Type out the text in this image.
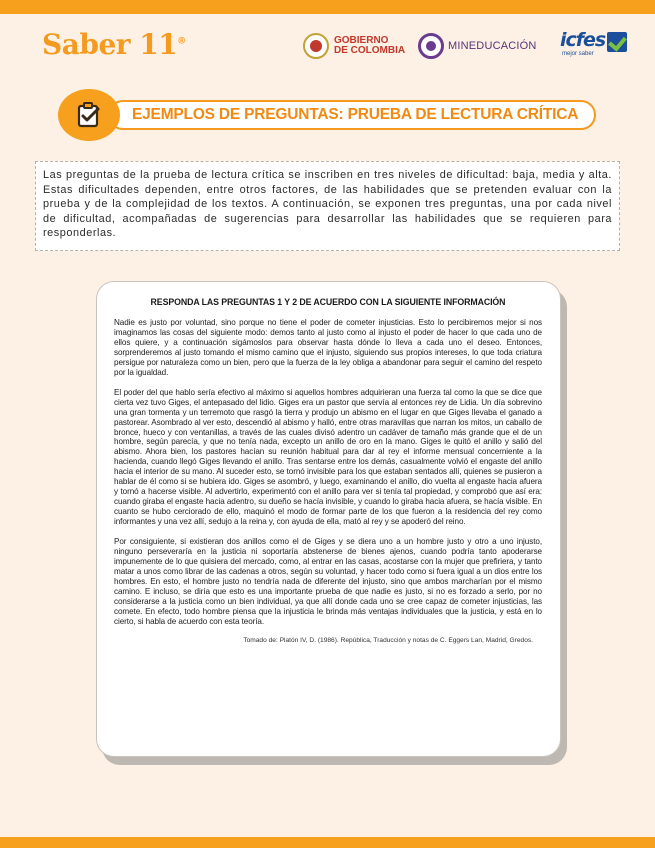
Saber 11®	GOBIERNO
DE COLOMBIA	MINEDUCACIÓN icfes
mejor saber
EJEMPLOS DE PREGUNTAS: PRUEBA DE LECTURA CRÍTICA

Las preguntas de la prueba de lectura crítica se inscriben en tres niveles de dificultad: baja, media y alta. Estas dificultades dependen, entre otros factores, de las habilidades que se pretenden evaluar con la prueba y de la complejidad de los textos. A continuación, se exponen tres preguntas, una por cada nivel de dificultad, acompañadas de sugerencias para desarrollar las habilidades que se requieren para responderlas.

RESPONDA LAS PREGUNTAS 1 Y 2 DE ACUERDO CON LA SIGUIENTE INFORMACIÓN

Nadie es justo por voluntad, sino porque no tiene el poder de cometer injusticias. Esto lo percibiremos mejor si nos imaginamos las cosas del siguiente modo: demos tanto al justo como al injusto el poder de hacer lo que cada uno de ellos quiere, y a continuación sigámoslos para observar hasta dónde lo lleva a cada uno el deseo. Entonces, sorprenderemos al justo tomando el mismo camino que el injusto, siguiendo sus propios intereses, lo que toda criatura persigue por naturaleza como un bien, pero que la fuerza de la ley obliga a abandonar para seguir el camino del respeto por la igualdad.

El poder del que hablo sería efectivo al máximo si aquellos hombres adquirieran una fuerza tal como la que se dice que cierta vez tuvo Giges, el antepasado del lidio. Giges era un pastor que servía al entonces rey de Lidia. Un día sobrevino una gran tormenta y un terremoto que rasgó la tierra y produjo un abismo en el lugar en que Giges llevaba el ganado a pastorear. Asombrado al ver esto, descendió al abismo y halló, entre otras maravillas que narran los mitos, un caballo de bronce, hueco y con ventanillas, a través de las cuales divisó adentro un cadáver de tamaño más grande que el de un hombre, según parecía, y que no tenía nada, excepto un anillo de oro en la mano. Giges le quitó el anillo y salió del abismo. Ahora bien, los pastores hacían su reunión habitual para dar al rey el informe mensual concerniente a la hacienda, cuando llegó Giges llevando el anillo. Tras sentarse entre los demás, casualmente volvió el engaste del anillo hacia el interior de su mano. Al suceder esto, se tornó invisible para los que estaban sentados allí, quienes se pusieron a hablar de él como si se hubiera ido. Giges se asombró, y luego, examinando el anillo, dio vuelta al engaste hacia afuera y tornó a hacerse visible. Al advertirlo, experimentó con el anillo para ver si tenía tal propiedad, y comprobó que así era: cuando giraba el engaste hacia adentro, su dueño se hacía invisible, y cuando lo giraba hacia afuera, se hacía visible. En cuanto se hubo cerciorado de ello, maquinó el modo de formar parte de los que fueron a la residencia del rey como informantes y una vez allí, sedujo a la reina y, con ayuda de ella, mató al rey y se apoderó del reino.

Por consiguiente, si existieran dos anillos como el de Giges y se diera uno a un hombre justo y otro a uno injusto, ninguno perseveraría en la justicia ni soportaría abstenerse de bienes ajenos, cuando podría tanto apoderarse impunemente de lo que quisiera del mercado, como, al entrar en las casas, acostarse con la mujer que prefiriera, y tanto matar a unos como librar de las cadenas a otros, según su voluntad, y hacer todo como si fuera igual a un dios entre los hombres. En esto, el hombre justo no tendría nada de diferente del injusto, sino que ambos marcharían por el mismo camino. E incluso, se diría que esto es una importante prueba de que nadie es justo, si no es forzado a serlo, por no considerarse a la justicia como un bien individual, ya que allí donde cada uno se cree capaz de cometer injusticias, las comete. En efecto, todo hombre piensa que la injusticia le brinda más ventajas individuales que la justicia, y está en lo cierto, si habla de acuerdo con esta teoría.

Tomado de: Platón IV, D. (1986). República, Traducción y notas de C. Eggers Lan, Madrid, Gredos.
